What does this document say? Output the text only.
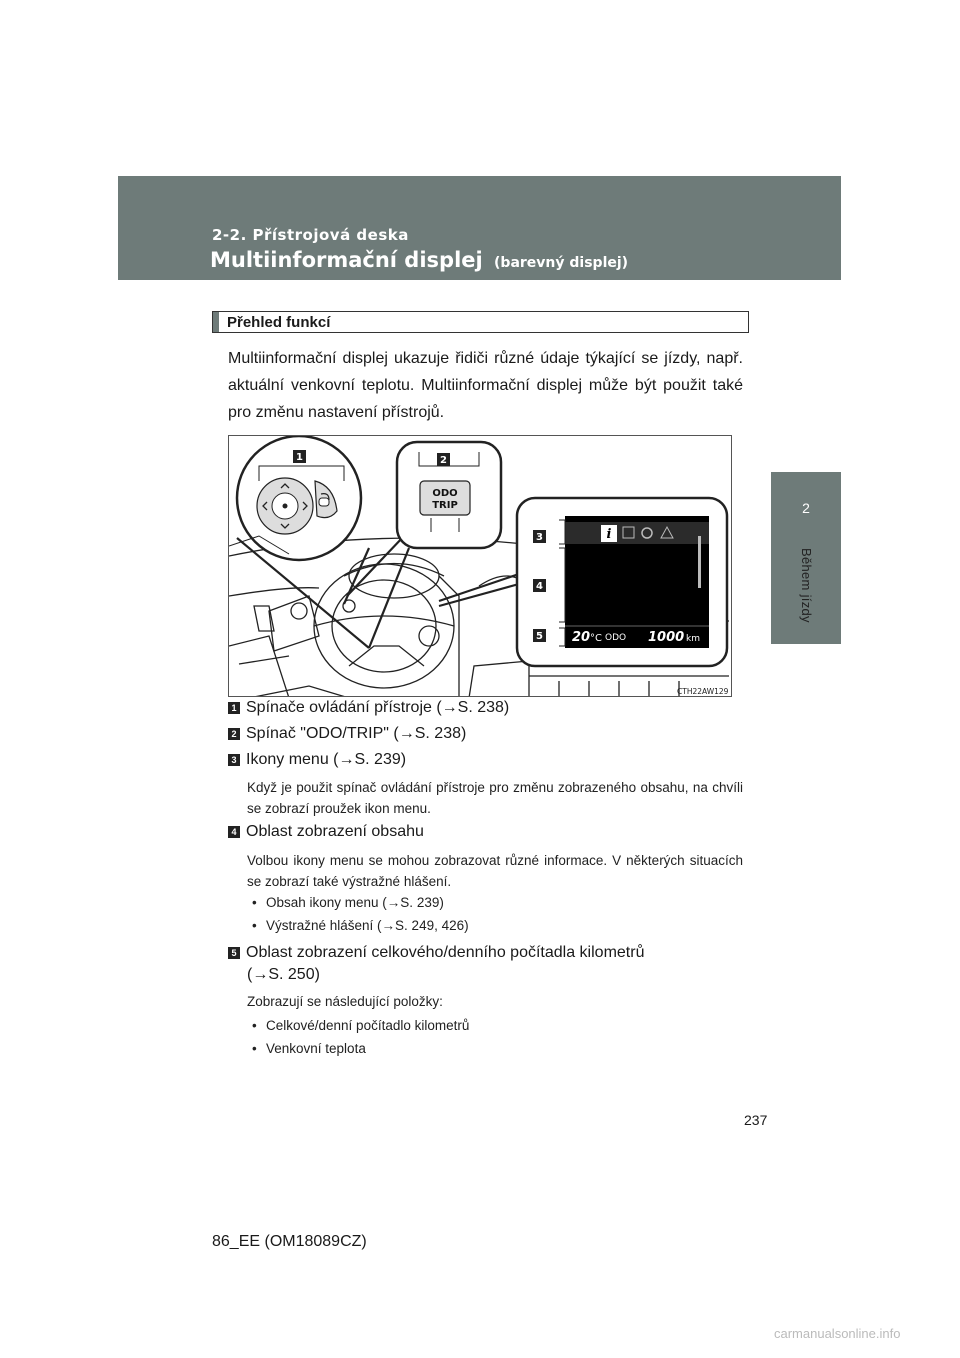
2-2. Přístrojová deska
Multiinformační displej (barevný displej)
2
Během jízdy
Přehled funkcí
Multiinformační displej ukazuje řidiči různé údaje týkající se jízdy, např. aktuální venkovní teplotu. Multiinformační displej může být použit také pro změnu nastavení přístrojů.
1
ODO
TRIP
2
i
20 °C ODO 1000 km
3
4
5
CTH22AW129
1 Spínače ovládání přístroje (→S. 238)
2 Spínač "ODO/TRIP" (→S. 238)
3 Ikony menu (→S. 239)
Když je použit spínač ovládání přístroje pro změnu zobrazeného obsahu, na chvíli se zobrazí proužek ikon menu.
4 Oblast zobrazení obsahu
Volbou ikony menu se mohou zobrazovat různé informace. V některých situacích se zobrazí také výstražné hlášení.
• Obsah ikony menu (→S. 239)
• Výstražné hlášení (→S. 249, 426)
5 Oblast zobrazení celkového/denního počítadla kilometrů
(→S. 250)
Zobrazují se následující položky:
• Celkové/denní počítadlo kilometrů
• Venkovní teplota
237
86_EE (OM18089CZ)
carmanualsonline.info
